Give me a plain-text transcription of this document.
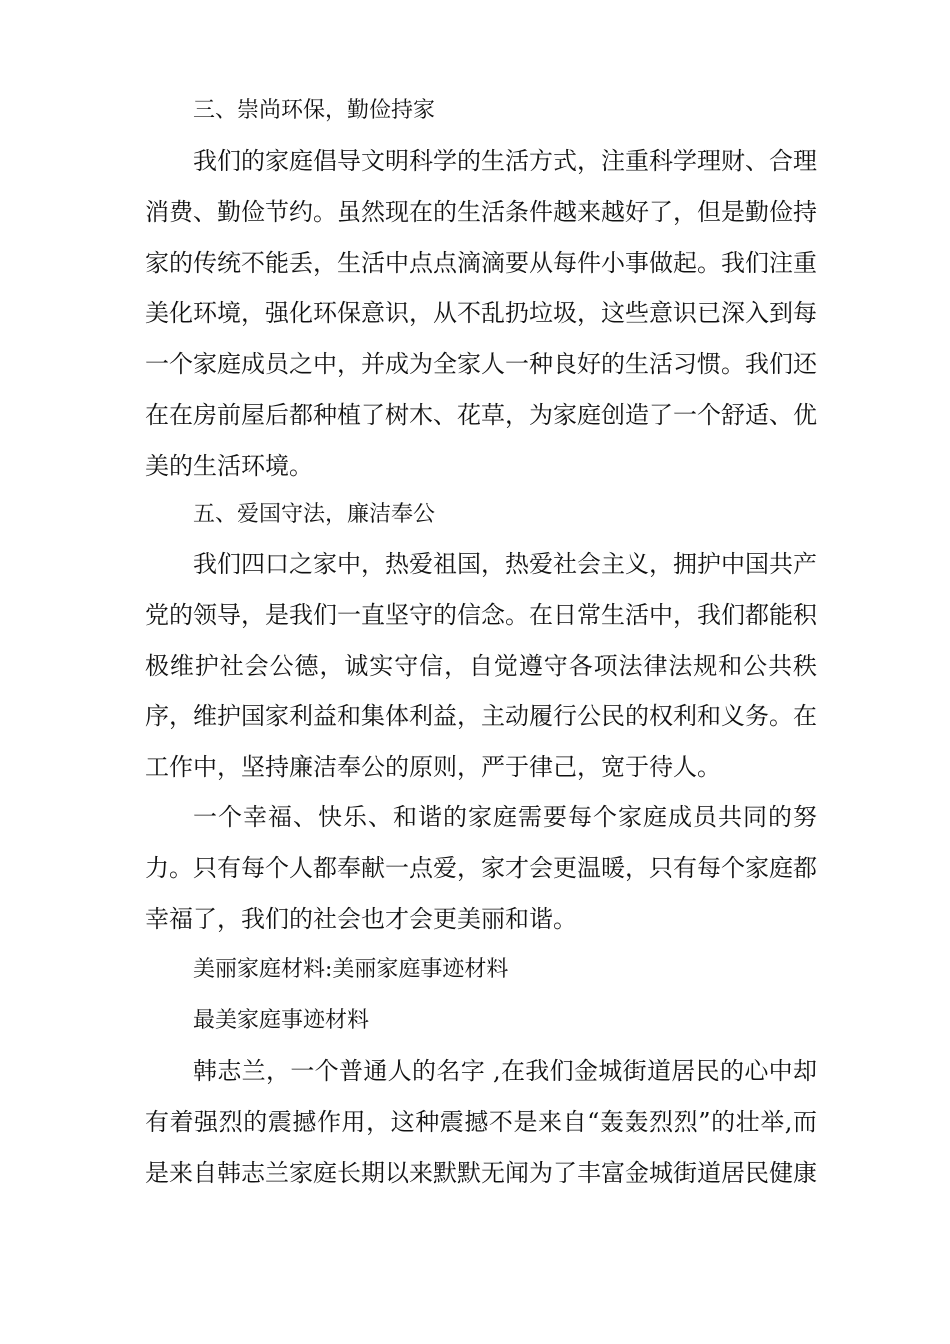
三、崇尚环保，勤俭持家

我们的家庭倡导文明科学的生活方式，注重科学理财、合理消费、勤俭节约。虽然现在的生活条件越来越好了，但是勤俭持家的传统不能丢，生活中点点滴滴要从每件小事做起。我们注重美化环境，强化环保意识，从不乱扔垃圾，这些意识已深入到每一个家庭成员之中，并成为全家人一种良好的生活习惯。我们还在在房前屋后都种植了树木、花草，为家庭创造了一个舒适、优美的生活环境。

五、爱国守法，廉洁奉公

我们四口之家中，热爱祖国，热爱社会主义，拥护中国共产党的领导，是我们一直坚守的信念。在日常生活中，我们都能积极维护社会公德，诚实守信，自觉遵守各项法律法规和公共秩序，维护国家利益和集体利益，主动履行公民的权利和义务。在工作中，坚持廉洁奉公的原则，严于律己，宽于待人。

一个幸福、快乐、和谐的家庭需要每个家庭成员共同的努力。只有每个人都奉献一点爱，家才会更温暖，只有每个家庭都幸福了，我们的社会也才会更美丽和谐。

美丽家庭材料:美丽家庭事迹材料

最美家庭事迹材料

韩志兰，一个普通人的名字 ,在我们金城街道居民的心中却有着强烈的震撼作用，这种震撼不是来自“轰轰烈烈”的壮举,而是来自韩志兰家庭长期以来默默无闻为了丰富金城街道居民健康
